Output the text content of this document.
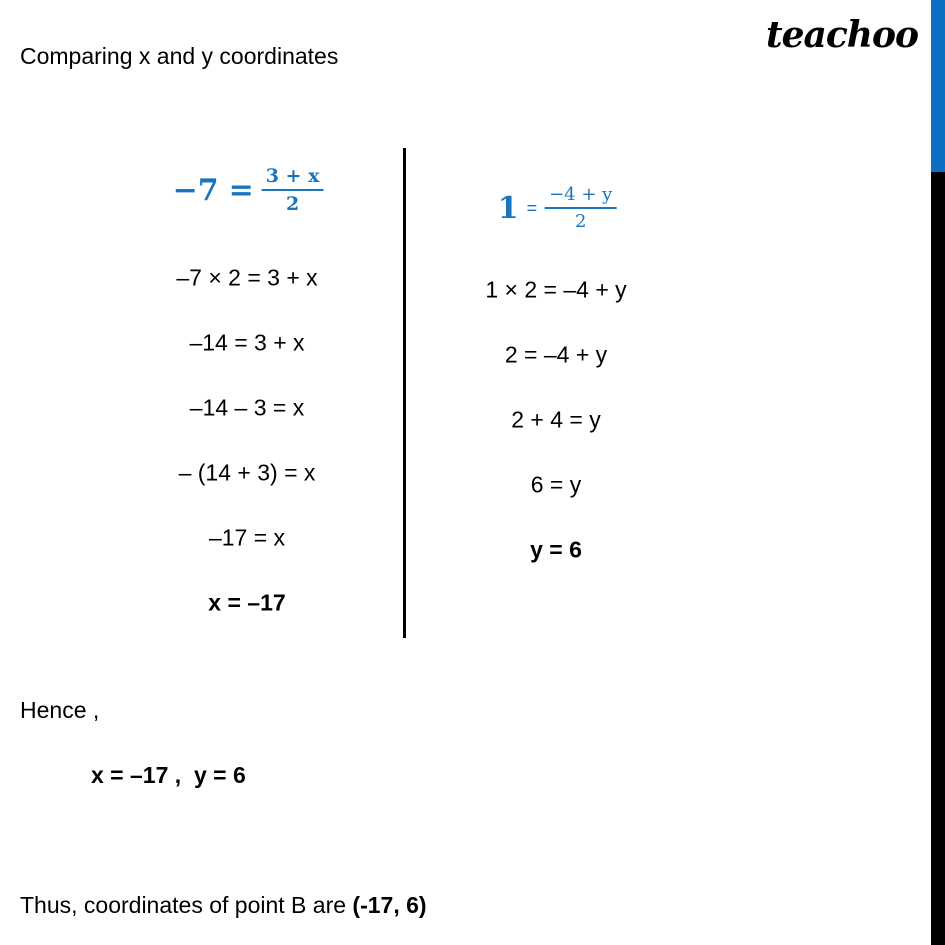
teachoo
Comparing x and y coordinates
$-7 = \frac{3 + x}{2}$
–7 × 2 = 3 + x
–14 = 3 + x
–14 – 3 = x
– (14 + 3) = x
–17 = x
x = –17
$1 = \frac{-4 + y}{2}$
1 × 2 = –4 + y
2 = –4 + y
2 + 4 = y
6 = y
y = 6
Hence ,
x = –17 ,  y = 6
Thus, coordinates of point B are (-17, 6)
